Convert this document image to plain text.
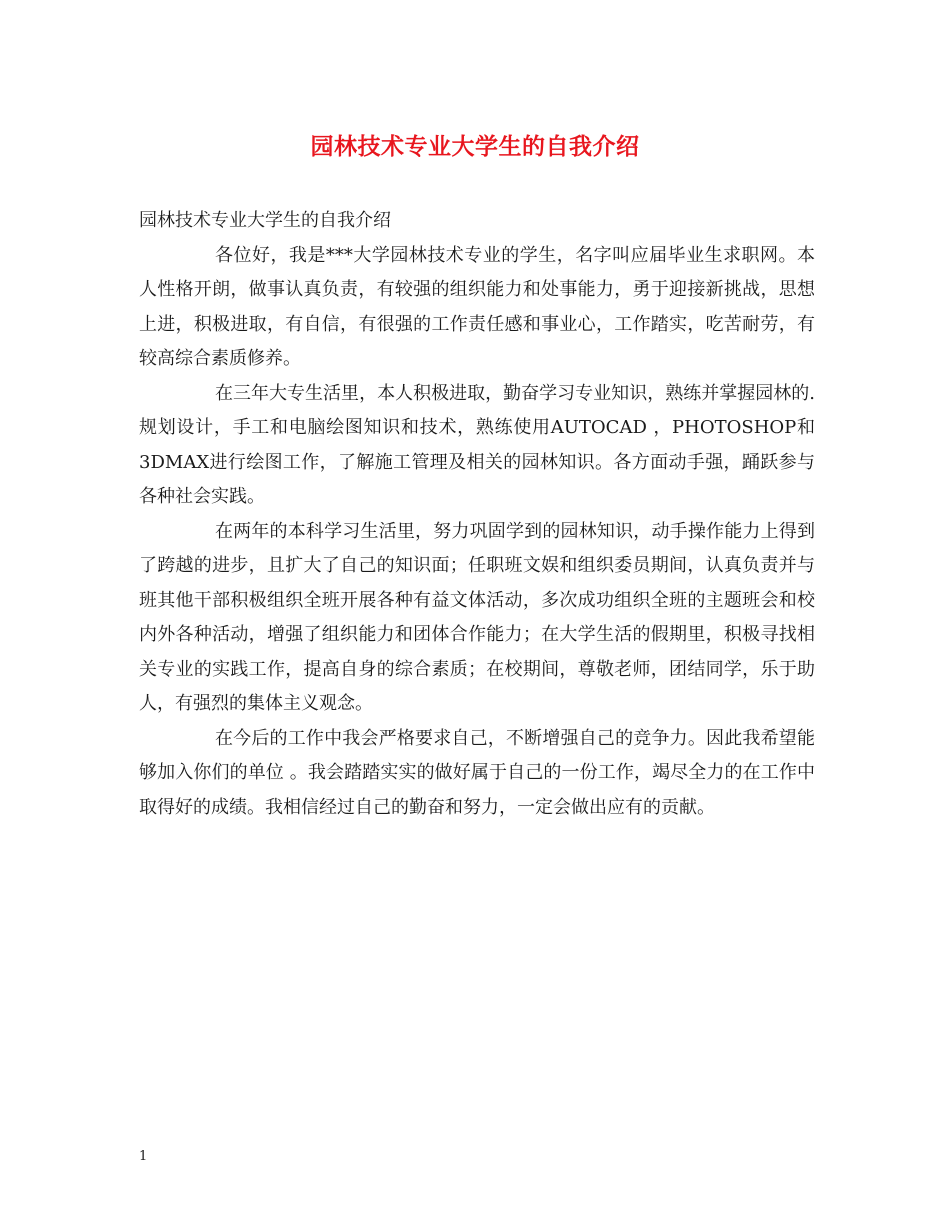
园林技术专业大学生的自我介绍

园林技术专业大学生的自我介绍

各位好，我是***大学园林技术专业的学生，名字叫应届毕业生求职网。本人性格开朗，做事认真负责，有较强的组织能力和处事能力，勇于迎接新挑战，思想上进，积极进取，有自信，有很强的工作责任感和事业心，工作踏实，吃苦耐劳，有较高综合素质修养。

在三年大专生活里，本人积极进取，勤奋学习专业知识，熟练并掌握园林的.规划设计，手工和电脑绘图知识和技术，熟练使用AUTOCAD ，PHOTOSHOP和3DMAX进行绘图工作，了解施工管理及相关的园林知识。各方面动手强，踊跃参与各种社会实践。

在两年的本科学习生活里，努力巩固学到的园林知识，动手操作能力上得到了跨越的进步，且扩大了自己的知识面；任职班文娱和组织委员期间，认真负责并与班其他干部积极组织全班开展各种有益文体活动，多次成功组织全班的主题班会和校内外各种活动，增强了组织能力和团体合作能力；在大学生活的假期里，积极寻找相关专业的实践工作，提高自身的综合素质；在校期间，尊敬老师，团结同学，乐于助人，有强烈的集体主义观念。

在今后的工作中我会严格要求自己，不断增强自己的竞争力。因此我希望能够加入你们的单位 。我会踏踏实实的做好属于自己的一份工作，竭尽全力的在工作中取得好的成绩。我相信经过自己的勤奋和努力，一定会做出应有的贡献。

1
